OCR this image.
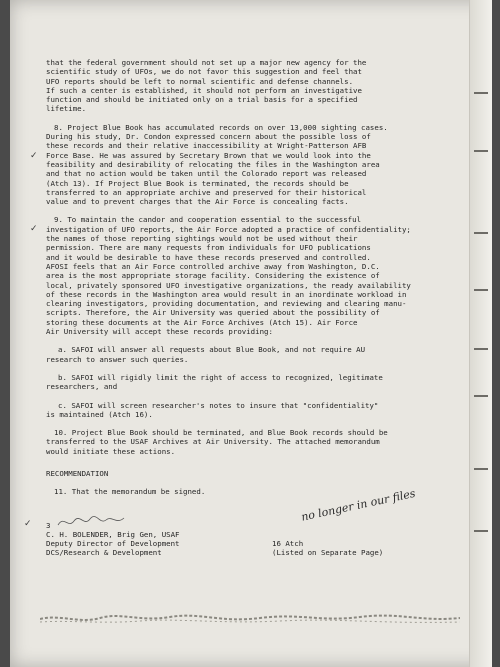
✓
✓
✓
that the federal government should not set up a major new agency for the
scientific study of UFOs, we do not favor this suggestion and feel that
UFO reports should be left to normal scientific and defense channels.
If such a center is established, it should not perform an investigative
function and should be initiated only on a trial basis for a specified
lifetime.
8. Project Blue Book has accumulated records on over 13,000 sighting cases.
During his study, Dr. Condon expressed concern about the possible loss of
these records and their relative inaccessibility at Wright-Patterson AFB
Force Base. He was assured by Secretary Brown that we would look into the
feasibility and desirability of relocating the files in the Washington area
and that no action would be taken until the Colorado report was released
(Atch 13). If Project Blue Book is terminated, the records should be
transferred to an appropriate archive and preserved for their historical
value and to prevent charges that the Air Force is concealing facts.
9. To maintain the candor and cooperation essential to the successful
investigation of UFO reports, the Air Force adopted a practice of confidentiality;
the names of those reporting sightings would not be used without their
permission. There are many requests from individuals for UFO publications
and it would be desirable to have these records preserved and controlled.
AFOSI feels that an Air Force controlled archive away from Washington, D.C.
area is the most appropriate storage facility. Considering the existence of
local, privately sponsored UFO investigative organizations, the ready availability
of these records in the Washington area would result in an inordinate workload in
clearing investigators, providing documentation, and reviewing and clearing manu-
scripts. Therefore, the Air University was queried about the possibility of
storing these documents at the Air Force Archives (Atch 15). Air Force
Air University will accept these records providing:
a. SAFOI will answer all requests about Blue Book, and not require AU
research to answer such queries.
b. SAFOI will rigidly limit the right of access to recognized, legitimate
researchers, and
c. SAFOI will screen researcher's notes to insure that "confidentiality"
is maintained (Atch 16).
10. Project Blue Book should be terminated, and Blue Book records should be
transferred to the USAF Archives at Air University. The attached memorandum
would initiate these actions.
RECOMMENDATION
11. That the memorandum be signed.
3
C. H. BOLENDER, Brig Gen, USAF
Deputy Director of Development
DCS/Research & Development
16 Atch
(Listed on Separate Page)
no longer in our files
